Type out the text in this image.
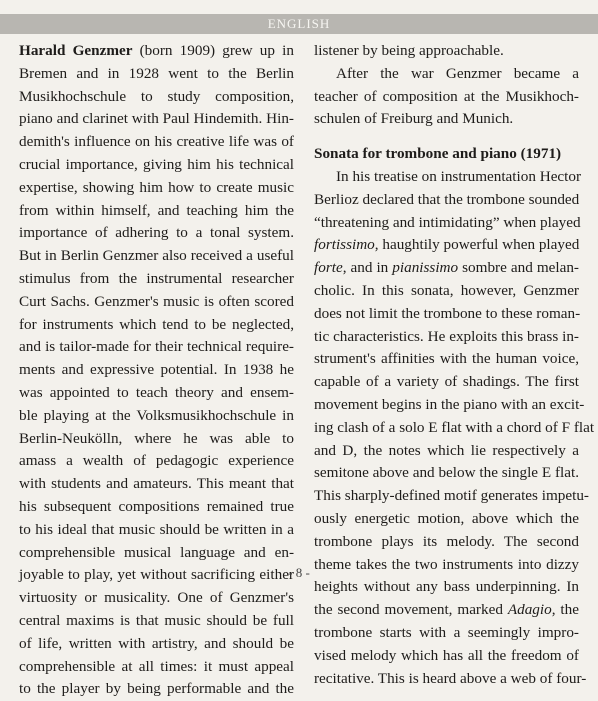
ENGLISH
Harald Genzmer (born 1909) grew up in
Bremen and in 1928 went to the Berlin
Musikhochschule to study composition,
piano and clarinet with Paul Hindemith. Hin-
demith's influence on his creative life was of
crucial importance, giving him his technical
expertise, showing him how to create music
from within himself, and teaching him the
importance of adhering to a tonal system.
But in Berlin Genzmer also received a useful
stimulus from the instrumental researcher
Curt Sachs. Genzmer's music is often scored
for instruments which tend to be neglected,
and is tailor-made for their technical require-
ments and expressive potential. In 1938 he
was appointed to teach theory and ensem-
ble playing at the Volksmusikhochschule in
Berlin-Neukölln, where he was able to
amass a wealth of pedagogic experience
with students and amateurs. This meant that
his subsequent compositions remained true
to his ideal that music should be written in a
comprehensible musical language and en-
joyable to play, yet without sacrificing either
virtuosity or musicality. One of Genzmer's
central maxims is that music should be full
of life, written with artistry, and should be
comprehensible at all times: it must appeal
to the player by being performable and the
listener by being approachable.
After the war Genzmer became a
teacher of composition at the Musikhoch-
schulen of Freiburg and Munich.
Sonata for trombone and piano (1971)
In his treatise on instrumentation Hector
Berlioz declared that the trombone sounded
“threatening and intimidating” when played
fortissimo, haughtily powerful when played
forte, and in pianissimo sombre and melan-
cholic. In this sonata, however, Genzmer
does not limit the trombone to these roman-
tic characteristics. He exploits this brass in-
strument's affinities with the human voice,
capable of a variety of shadings. The first
movement begins in the piano with an excit-
ing clash of a solo E flat with a chord of F flat
and D, the notes which lie respectively a
semitone above and below the single E flat.
This sharply-defined motif generates impetu-
ously energetic motion, above which the
trombone plays its melody. The second
theme takes the two instruments into dizzy
heights without any bass underpinning. In
the second movement, marked Adagio, the
trombone starts with a seemingly impro-
vised melody which has all the freedom of
recitative. This is heard above a web of four-
- 8 -
